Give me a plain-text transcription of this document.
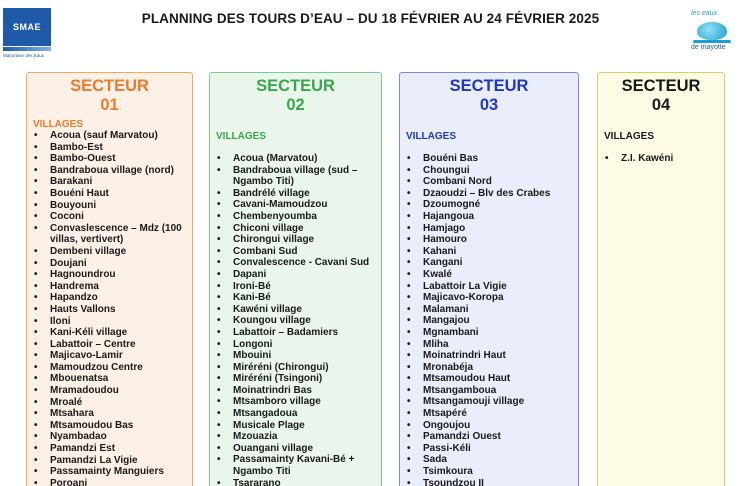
SMAE
Mahoraise des Eaux
PLANNING DES TOURS D’EAU – DU 18 FÉVRIER AU 24 FÉVRIER 2025	les eaux
de mayotte
SECTEUR
01
VILLAGES
• Acoua (sauf Marvatou)
• Bambo-Est
• Bambo-Ouest
• Bandraboua village (nord)
• Barakani
• Bouéni Haut
• Bouyouni
• Coconi
• Convaslescence – Mdz (100 villas, vertivert)
• Dembeni village
• Doujani
• Hagnoundrou
• Handrema
• Hapandzo
• Hauts Vallons
• Iloni
• Kani-Kéli village
• Labattoir – Centre
• Majicavo-Lamir
• Mamoudzou Centre
• Mbouenatsa
• Mramadoudou
• Mroalé
• Mtsahara
• Mtsamoudou Bas
• Nyambadao
• Pamandzi Est
• Pamandzi La Vigie
• Passamainty Manguiers
• Poroani
SECTEUR
02
VILLAGES
• Acoua (Marvatou)
• Bandraboua village (sud – Ngambo Titi)
• Bandrélé village
• Cavani-Mamoudzou
• Chembenyoumba
• Chiconi village
• Chirongui village
• Combani Sud
• Convalescence - Cavani Sud
• Dapani
• Ironi-Bé
• Kani-Bé
• Kawéni village
• Koungou village
• Labattoir – Badamiers
• Longoni
• Mbouini
• Miréréni (Chirongui)
• Miréréni (Tsingoni)
• Moinatrindri Bas
• Mtsamboro village
• Mtsangadoua
• Musicale Plage
• Mzouazia
• Ouangani village
• Passamainty Kavani-Bé + Ngambo Titi
• Tsararano
SECTEUR
03
VILLAGES
• Bouéni Bas
• Choungui
• Combani Nord
• Dzaoudzi – Blv des Crabes
• Dzoumogné
• Hajangoua
• Hamjago
• Hamouro
• Kahani
• Kangani
• Kwalé
• Labattoir La Vigie
• Majicavo-Koropa
• Malamani
• Mangajou
• Mgnambani
• Mliha
• Moinatrindri Haut
• Mronabéja
• Mtsamoudou Haut
• Mtsangamboua
• Mtsangamouji village
• Mtsapéré
• Ongoujou
• Pamandzi Ouest
• Passi-Kéli
• Sada
• Tsimkoura
• Tsoundzou II
SECTEUR
04
VILLAGES
• Z.I. Kawéni
